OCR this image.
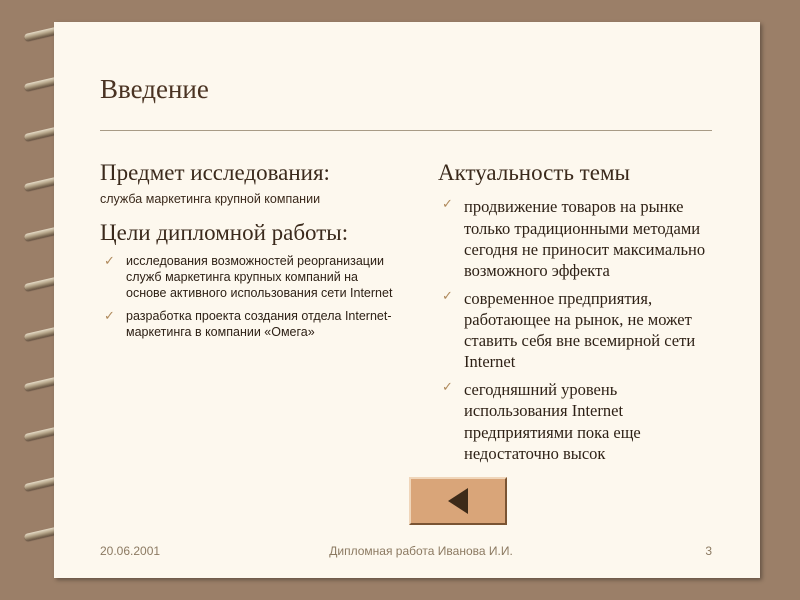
Введение
Предмет исследования:
служба маркетинга крупной компании
Цели дипломной работы:
✓ исследования возможностей реорганизации служб маркетинга крупных компаний на основе активного использования сети Internet
✓ разработка проекта создания отдела Internet-маркетинга в компании «Омега»
Актуальность темы
✓ продвижение товаров на рынке только традиционными методами сегодня не приносит максимально возможного эффекта
✓ современное предприятия, работающее на рынок, не может ставить себя вне всемирной сети Internet
✓ сегодняшний уровень использования Internet предприятиями пока еще недостаточно высок
20.06.2001	Дипломная работа Иванова И.И.	3
